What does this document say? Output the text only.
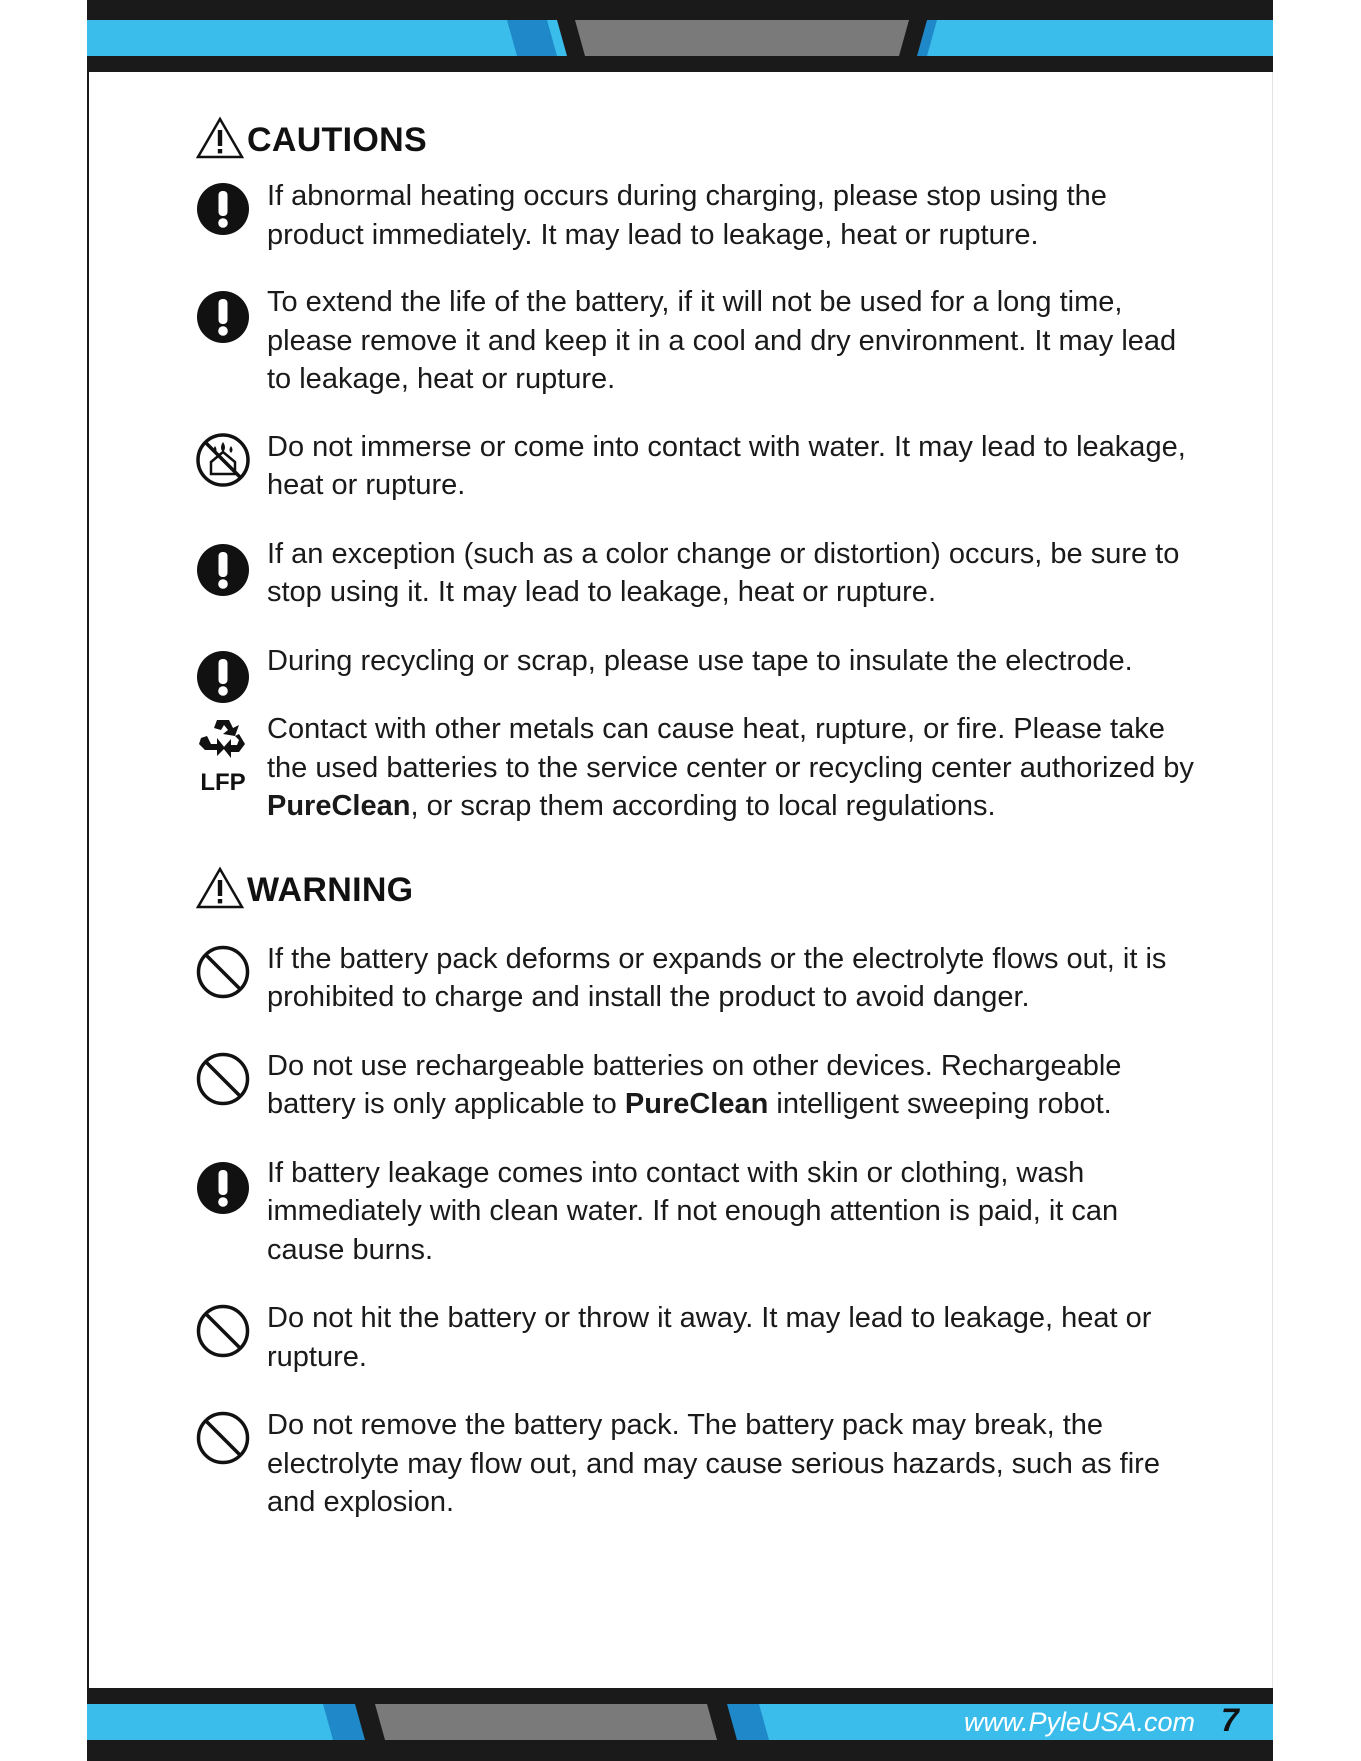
CAUTIONS
If abnormal heating occurs during charging, please stop using the product immediately. It may lead to leakage, heat or rupture.
To extend the life of the battery, if it will not be used for a long time, please remove it and keep it in a cool and dry environment. It may lead to leakage, heat or rupture.
Do not immerse or come into contact with water. It may lead to leakage, heat or rupture.
If an exception (such as a color change or distortion) occurs, be sure to stop using it. It may lead to leakage, heat or rupture.
During recycling or scrap, please use tape to insulate the electrode.
LFP
Contact with other metals can cause heat, rupture, or fire. Please take the used batteries to the service center or recycling center authorized by PureClean, or scrap them according to local regulations.
WARNING
If the battery pack deforms or expands or the electrolyte flows out, it is prohibited to charge and install the product to avoid danger.
Do not use rechargeable batteries on other devices. Rechargeable battery is only applicable to PureClean intelligent sweeping robot.
If battery leakage comes into contact with skin or clothing, wash immediately with clean water. If not enough attention is paid, it can cause burns.
Do not hit the battery or throw it away. It may lead to leakage, heat or rupture.
Do not remove the battery pack. The battery pack may break, the electrolyte may flow out, and may cause serious hazards, such as fire and explosion.
www.PyleUSA.com 7
